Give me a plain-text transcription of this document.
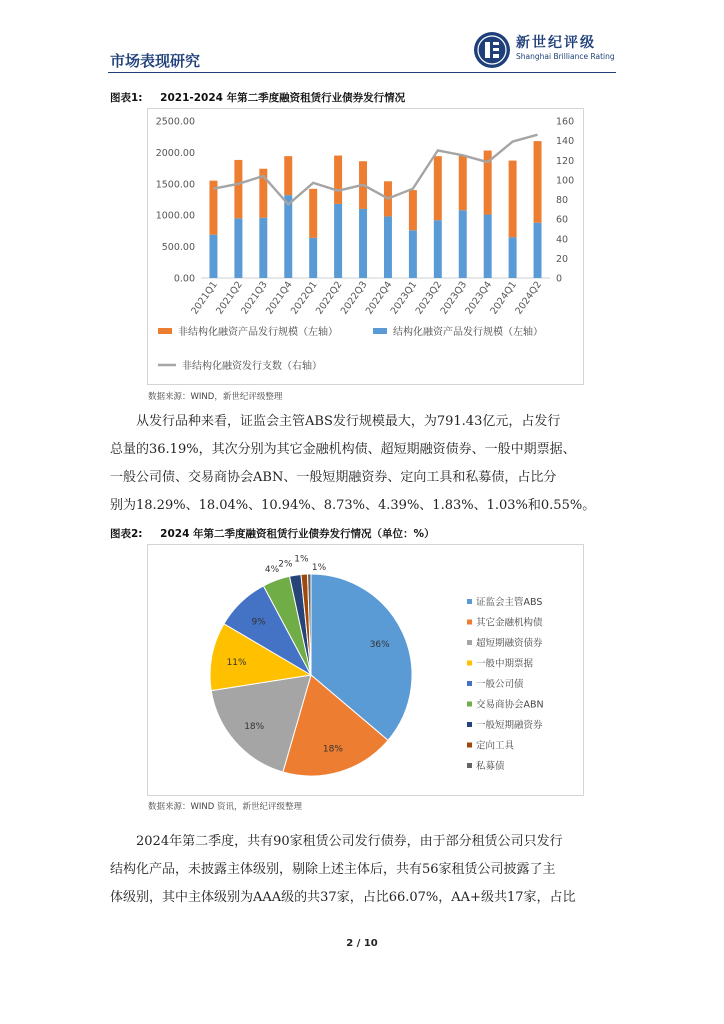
市场表现研究
新世纪评级
Shanghai Brilliance Rating
图表1: 2021-2024 年第二季度融资租赁行业债券发行情况
0.00
500.00
1000.00
1500.00
2000.00
2500.00
0
20
40
60
80
100
120
140
160
2021Q1
2021Q2
2021Q3
2021Q4
2022Q1
2022Q2
2022Q3
2022Q4
2023Q1
2023Q2
2023Q3
2023Q4
2024Q1
2024Q2
非结构化融资产品发行规模（左轴）	结构化融资产品发行规模（左轴）
非结构化融资发行支数（右轴）
数据来源：WIND，新世纪评级整理
　　从发行品种来看，证监会主管ABS发行规模最大，为791.43亿元，占发行
总量的36.19%，其次分别为其它金融机构债、超短期融资债券、一般中期票据、
一般公司债、交易商协会ABN、一般短期融资券、定向工具和私募债，占比分
别为18.29%、18.04%、10.94%、8.73%、4.39%、1.83%、1.03%和0.55%。
图表2: 2024 年第二季度融资租赁行业债券发行情况（单位：%）
36%
18%
18%
11%
9%
4%
2%
1%
1%
证监会主管ABS
其它金融机构债
超短期融资债券
一般中期票据
一般公司债
交易商协会ABN
一般短期融资券
定向工具
私募债
数据来源：WIND 资讯，新世纪评级整理
　　2024年第二季度，共有90家租赁公司发行债券，由于部分租赁公司只发行
结构化产品，未披露主体级别，剔除上述主体后，共有56家租赁公司披露了主
体级别，其中主体级别为AAA级的共37家，占比66.07%，AA+级共17家，占比
2 / 10
